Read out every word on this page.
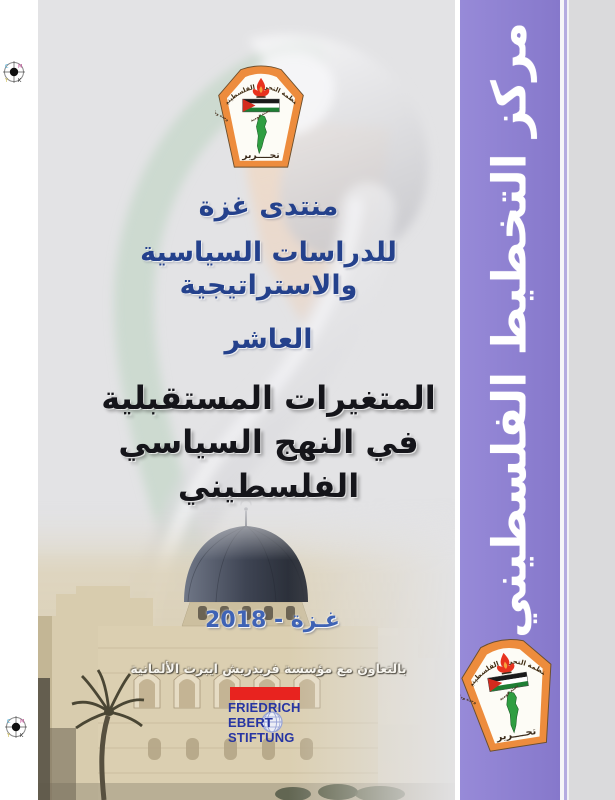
C M
Y K
C M
Y K
منتدى غزة
للدراسات السياسية والاستراتيجية
العاشر
المتغيرات المستقبلية
في النهج السياسي الفلسطيني
غـزة - 2018
بالتعاون مع مؤسسة فريدريش ايبرت الألمانية
FRIEDRICH
EBERT
STIFTUNG
مركز التخطيط الفلسطيني
